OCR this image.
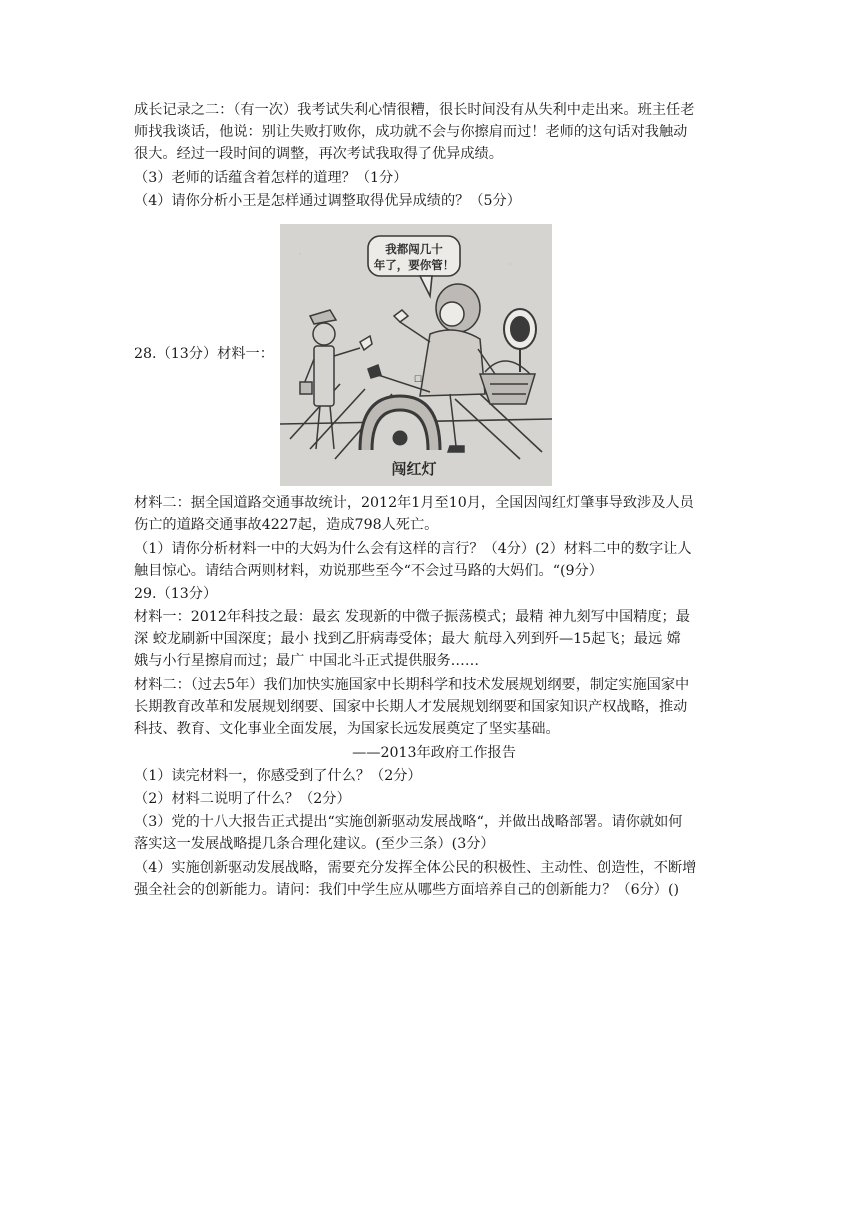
成长记录之二：（有一次）我考试失利心情很糟，很长时间没有从失利中走出来。班主任老
师找我谈话，他说：别让失败打败你，成功就不会与你擦肩而过！老师的这句话对我触动
很大。经过一段时间的调整，再次考试我取得了优异成绩。
（3）老师的话蕴含着怎样的道理？（1分）
（4）请你分析小王是怎样通过调整取得优异成绩的？（5分）
28.（13分）材料一：
我都闯几十
年了，要你管！
☐
闯红灯
材料二：据全国道路交通事故统计，2012年1月至10月，全国因闯红灯肇事导致涉及人员
伤亡的道路交通事故4227起，造成798人死亡。
（1）请你分析材料一中的大妈为什么会有这样的言行？（4分）(2）材料二中的数字让人
触目惊心。请结合两则材料，劝说那些至今“不会过马路的大妈们。“(9分）
29.（13分）
材料一：2012年科技之最：最玄 发现新的中微子振荡模式；最精 神九刻写中国精度；最
深 蛟龙刷新中国深度；最小 找到乙肝病毒受体；最大 航母入列到歼—15起飞；最远 嫦
娥与小行星擦肩而过；最广 中国北斗正式提供服务……
材料二：（过去5年）我们加快实施国家中长期科学和技术发展规划纲要，制定实施国家中
长期教育改革和发展规划纲要、国家中长期人才发展规划纲要和国家知识产权战略，推动
科技、教育、文化事业全面发展，为国家长远发展奠定了坚实基础。
——2013年政府工作报告
（1）读完材料一，你感受到了什么？（2分）
（2）材料二说明了什么？（2分）
（3）党的十八大报告正式提出“实施创新驱动发展战略“，并做出战略部署。请你就如何
落实这一发展战略提几条合理化建议。(至少三条）(3分）
（4）实施创新驱动发展战略，需要充分发挥全体公民的积极性、主动性、创造性，不断增
强全社会的创新能力。请问：我们中学生应从哪些方面培养自己的创新能力？（6分）()
